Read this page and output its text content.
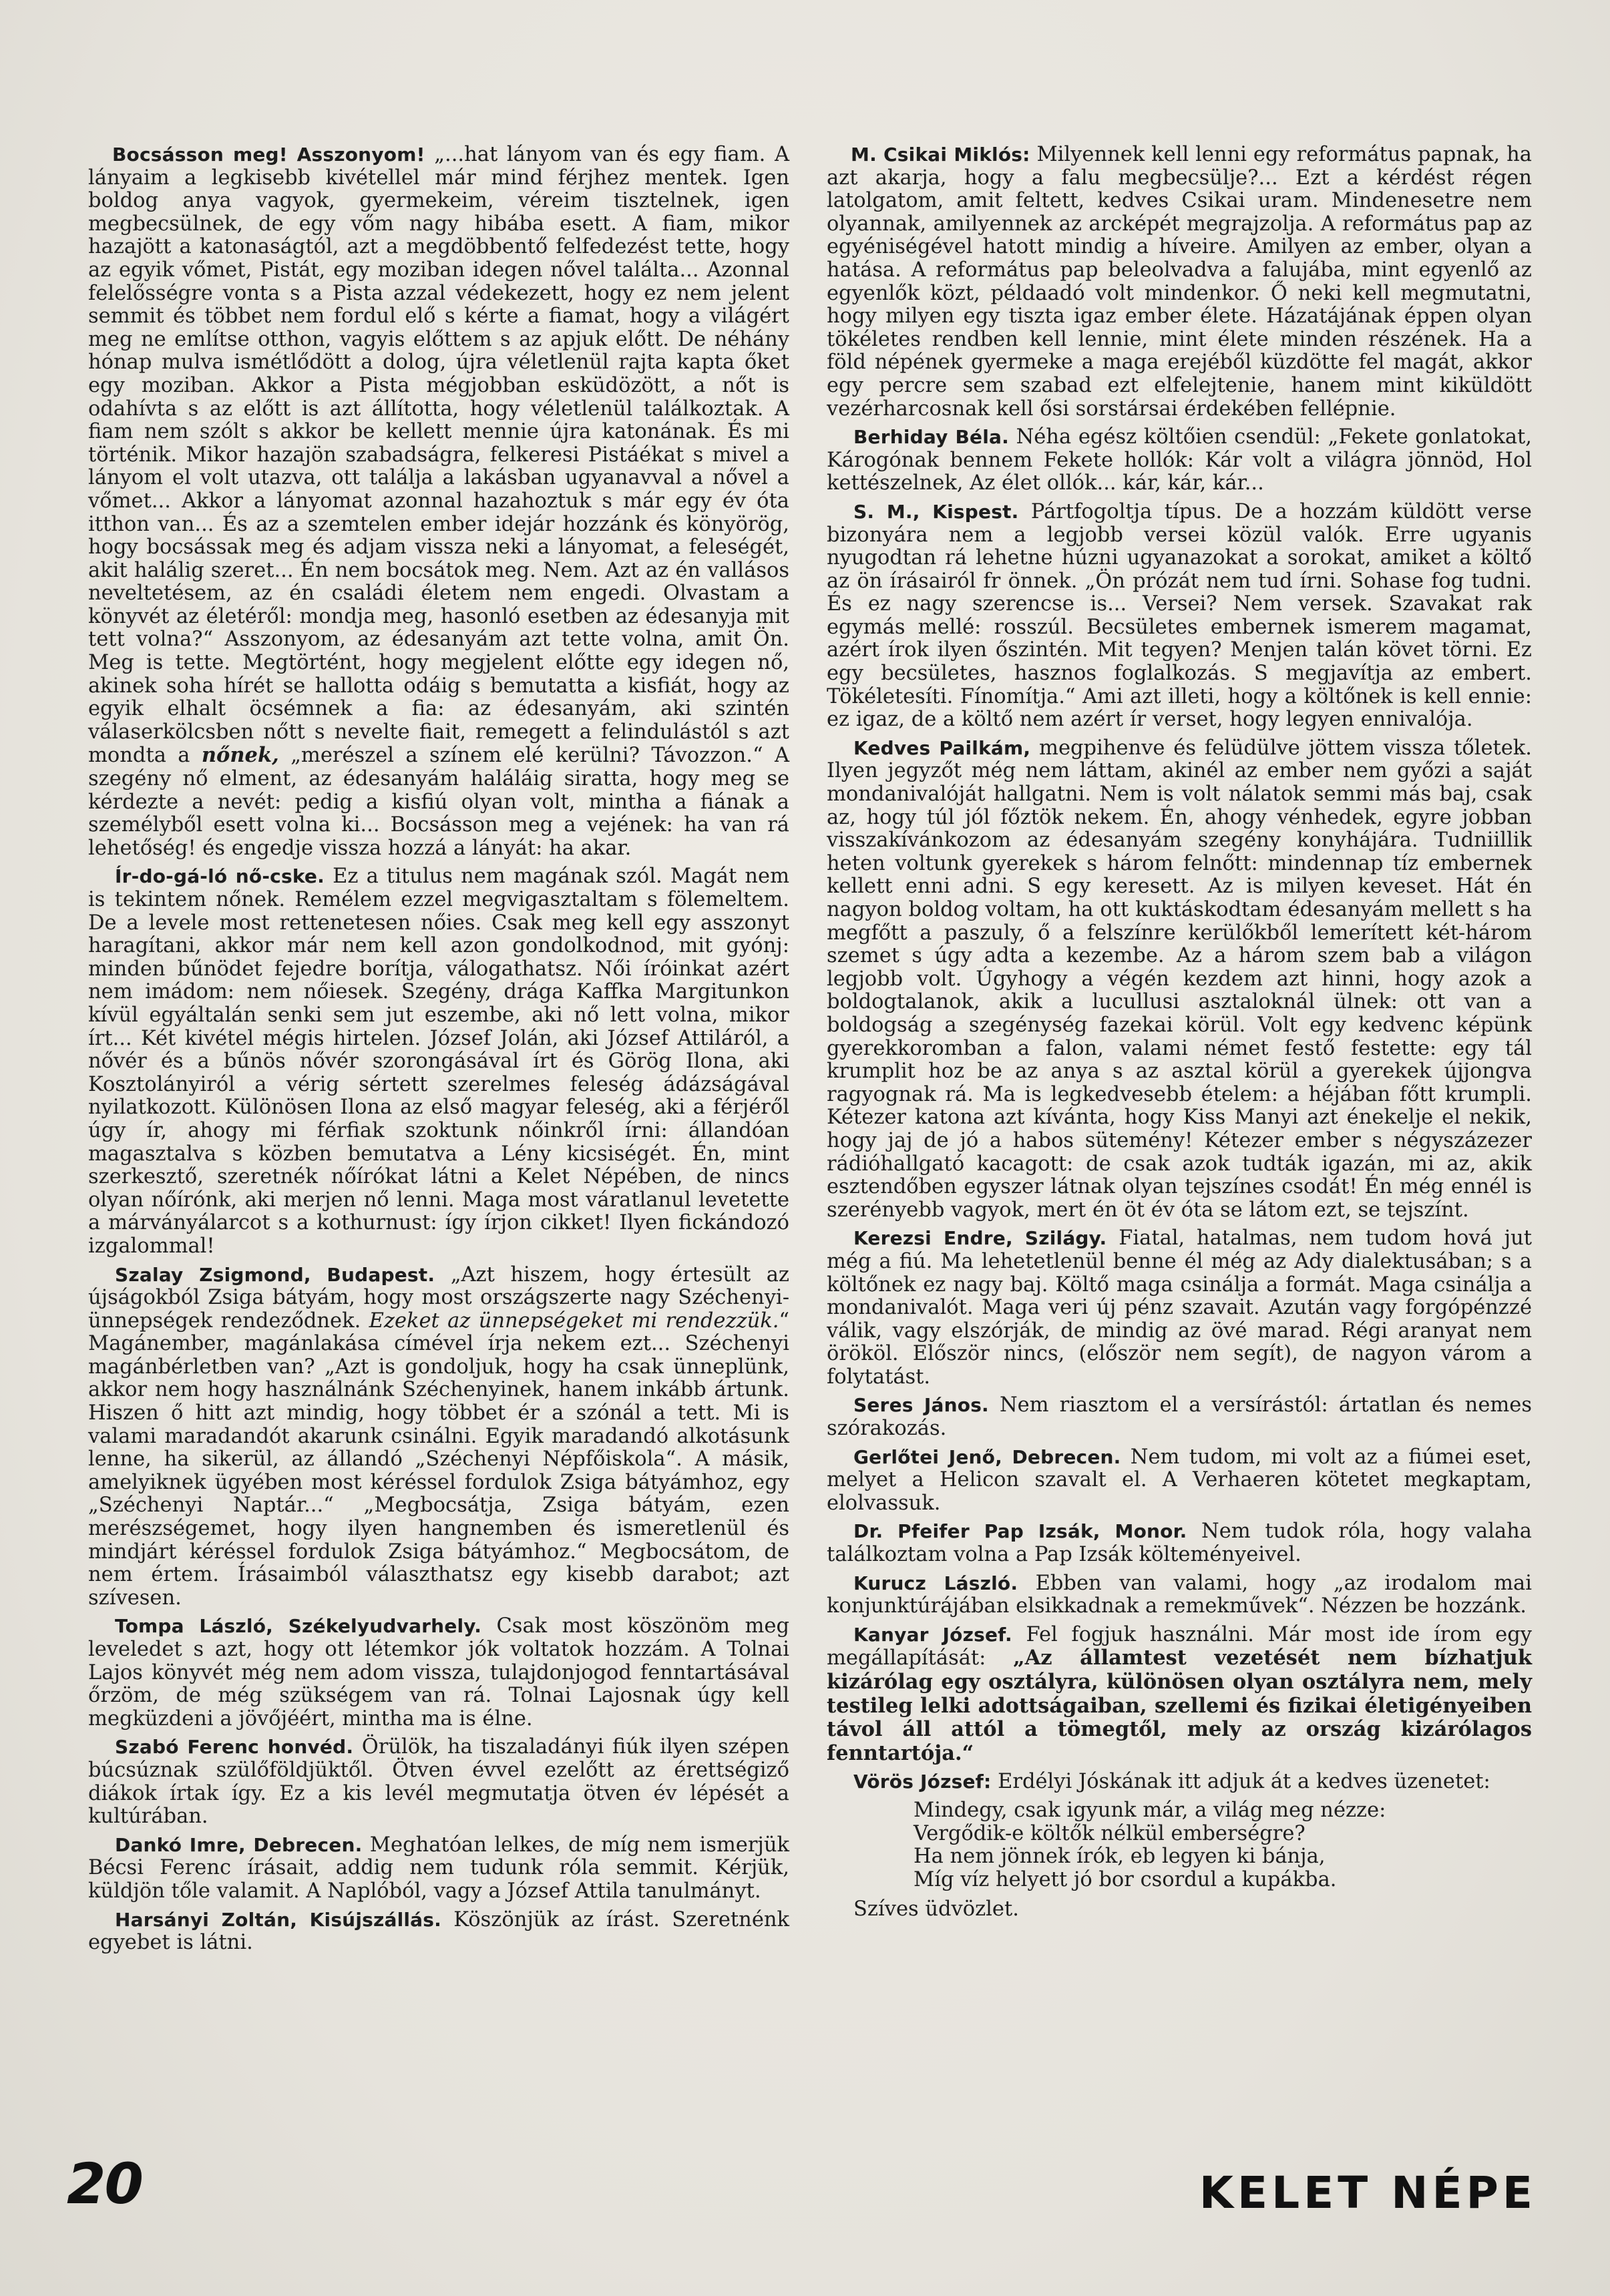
Bocsásson meg! Asszonyom! „...hat lányom van és egy fiam. A lányaim a legkisebb kivétellel már mind férjhez mentek. Igen boldog anya vagyok, gyermekeim, véreim tisztelnek, igen megbecsülnek, de egy vőm nagy hibába esett. A fiam, mikor hazajött a katonaságtól, azt a megdöbbentő felfedezést tette, hogy az egyik vőmet, Pistát, egy moziban idegen nővel találta... Azonnal felelősségre vonta s a Pista azzal védekezett, hogy ez nem jelent semmit és többet nem fordul elő s kérte a fiamat, hogy a világért meg ne említse otthon, vagyis előttem s az apjuk előtt. De néhány hónap mulva ismétlődött a dolog, újra véletlenül rajta kapta őket egy moziban. Akkor a Pista mégjobban esküdözött, a nőt is odahívta s az előtt is azt állította, hogy véletlenül találkoztak. A fiam nem szólt s akkor be kellett mennie újra katonának. És mi történik. Mikor hazajön szabadságra, felkeresi Pistáékat s mivel a lányom el volt utazva, ott találja a lakásban ugyanavval a nővel a vőmet... Akkor a lányomat azonnal hazahoztuk s már egy év óta itthon van... És az a szemtelen ember idejár hozzánk és könyörög, hogy bocsássak meg és adjam vissza neki a lányomat, a feleségét, akit halálig szeret... Én nem bocsátok meg. Nem. Azt az én vallásos neveltetésem, az én családi életem nem engedi. Olvastam a könyvét az életéről: mondja meg, hasonló esetben az édesanyja mit tett volna?“ Asszonyom, az édesanyám azt tette volna, amit Ön. Meg is tette. Megtörtént, hogy megjelent előtte egy idegen nő, akinek soha hírét se hallotta odáig s bemutatta a kisfiát, hogy az egyik elhalt öcsémnek a fia: az édesanyám, aki szintén válaserkölcsben nőtt s nevelte fiait, remegett a felindulástól s azt mondta a nőnek, „merészel a színem elé kerülni? Távozzon.“ A szegény nő elment, az édesanyám haláláig siratta, hogy meg se kérdezte a nevét: pedig a kisfiú olyan volt, mintha a fiának a személyből esett volna ki... Bocsásson meg a vejének: ha van rá lehetőség! és engedje vissza hozzá a lányát: ha akar.

Ír-do-gá-ló nő-cske. Ez a titulus nem magának szól. Magát nem is tekintem nőnek. Remélem ezzel megvigasztaltam s fölemeltem. De a levele most rettenetesen nőies. Csak meg kell egy asszonyt haragítani, akkor már nem kell azon gondolkodnod, mit gyónj: minden bűnödet fejedre borítja, válogathatsz. Női íróinkat azért nem imádom: nem nőiesek. Szegény, drága Kaffka Margitunkon kívül egyáltalán senki sem jut eszembe, aki nő lett volna, mikor írt... Két kivétel mégis hirtelen. József Jolán, aki József Attiláról, a nővér és a bűnös nővér szorongásával írt és Görög Ilona, aki Kosztolányiról a vérig sértett szerelmes feleség ádázságával nyilatkozott. Különösen Ilona az első magyar feleség, aki a férjéről úgy ír, ahogy mi férfiak szoktunk nőinkről írni: állandóan magasztalva s közben bemutatva a Lény kicsiségét. Én, mint szerkesztő, szeretnék nőírókat látni a Kelet Népében, de nincs olyan nőírónk, aki merjen nő lenni. Maga most váratlanul levetette a márványálarcot s a kothurnust: így írjon cikket! Ilyen fickándozó izgalommal!

Szalay Zsigmond, Budapest. „Azt hiszem, hogy értesült az újságokból Zsiga bátyám, hogy most országszerte nagy Széchenyi-ünnepségek rendeződnek. Ezeket az ünnepségeket mi rendezzük.“ Magánember, magánlakása címével írja nekem ezt... Széchenyi magánbérletben van? „Azt is gondoljuk, hogy ha csak ünneplünk, akkor nem hogy használnánk Széchenyinek, hanem inkább ártunk. Hiszen ő hitt azt mindig, hogy többet ér a szónál a tett. Mi is valami maradandót akarunk csinálni. Egyik maradandó alkotásunk lenne, ha sikerül, az állandó „Széchenyi Népfőiskola“. A másik, amelyiknek ügyében most kéréssel fordulok Zsiga bátyámhoz, egy „Széchenyi Naptár...“ „Megbocsátja, Zsiga bátyám, ezen merészségemet, hogy ilyen hangnemben és ismeretlenül és mindjárt kéréssel fordulok Zsiga bátyámhoz.“ Megbocsátom, de nem értem. Írásaimból választhatsz egy kisebb darabot; azt szívesen.

Tompa László, Székelyudvarhely. Csak most köszönöm meg leveledet s azt, hogy ott létemkor jók voltatok hozzám. A Tolnai Lajos könyvét még nem adom vissza, tulajdonjogod fenntartásával őrzöm, de még szükségem van rá. Tolnai Lajosnak úgy kell megküzdeni a jövőjéért, mintha ma is élne.

Szabó Ferenc honvéd. Örülök, ha tiszaladányi fiúk ilyen szépen búcsúznak szülőföldjüktől. Ötven évvel ezelőtt az érettségiző diákok írtak így. Ez a kis levél megmutatja ötven év lépését a kultúrában.

Dankó Imre, Debrecen. Meghatóan lelkes, de míg nem ismerjük Bécsi Ferenc írásait, addig nem tudunk róla semmit. Kérjük, küldjön tőle valamit. A Naplóból, vagy a József Attila tanulmányt.

Harsányi Zoltán, Kisújszállás. Köszönjük az írást. Szeretnénk egyebet is látni.

M. Csikai Miklós: Milyennek kell lenni egy református papnak, ha azt akarja, hogy a falu megbecsülje?... Ezt a kérdést régen latolgatom, amit feltett, kedves Csikai uram. Mindenesetre nem olyannak, amilyennek az arcképét megrajzolja. A református pap az egyéniségével hatott mindig a híveire. Amilyen az ember, olyan a hatása. A református pap beleolvadva a falujába, mint egyenlő az egyenlők közt, példaadó volt mindenkor. Ő neki kell megmutatni, hogy milyen egy tiszta igaz ember élete. Házatájának éppen olyan tökéletes rendben kell lennie, mint élete minden részének. Ha a föld népének gyermeke a maga erejéből küzdötte fel magát, akkor egy percre sem szabad ezt elfelejtenie, hanem mint kiküldött vezérharcosnak kell ősi sorstársai érdekében fellépnie.

Berhiday Béla. Néha egész költőien csendül: „Fekete gonlatokat, Károgónak bennem Fekete hollók: Kár volt a világra jönnöd, Hol kettészelnek, Az élet ollók... kár, kár, kár...

S. M., Kispest. Pártfogoltja típus. De a hozzám küldött verse bizonyára nem a legjobb versei közül valók. Erre ugyanis nyugodtan rá lehetne húzni ugyanazokat a sorokat, amiket a költő az ön írásairól fr önnek. „Ön prózát nem tud írni. Sohase fog tudni. És ez nagy szerencse is... Versei? Nem versek. Szavakat rak egymás mellé: rosszúl. Becsületes embernek ismerem magamat, azért írok ilyen őszintén. Mit tegyen? Menjen talán követ törni. Ez egy becsületes, hasznos foglalkozás. S megjavítja az embert. Tökéletesíti. Fínomítja.“ Ami azt illeti, hogy a költőnek is kell ennie: ez igaz, de a költő nem azért ír verset, hogy legyen ennivalója.

Kedves Pailkám, megpihenve és felüdülve jöttem vissza tőletek. Ilyen jegyzőt még nem láttam, akinél az ember nem győzi a saját mondanivalóját hallgatni. Nem is volt nálatok semmi más baj, csak az, hogy túl jól főztök nekem. Én, ahogy vénhedek, egyre jobban visszakívánkozom az édesanyám szegény konyhájára. Tudniillik heten voltunk gyerekek s három felnőtt: mindennap tíz embernek kellett enni adni. S egy keresett. Az is milyen keveset. Hát én nagyon boldog voltam, ha ott kuktáskodtam édesanyám mellett s ha megfőtt a paszuly, ő a felszínre kerülőkből lemerített két-három szemet s úgy adta a kezembe. Az a három szem bab a világon legjobb volt. Úgyhogy a végén kezdem azt hinni, hogy azok a boldogtalanok, akik a lucullusi asztaloknál ülnek: ott van a boldogság a szegénység fazekai körül. Volt egy kedvenc képünk gyerekkoromban a falon, valami német festő festette: egy tál krumplit hoz be az anya s az asztal körül a gyerekek újjongva ragyognak rá. Ma is legkedvesebb ételem: a héjában főtt krumpli. Kétezer katona azt kívánta, hogy Kiss Manyi azt énekelje el nekik, hogy jaj de jó a habos sütemény! Kétezer ember s négyszázezer rádióhallgató kacagott: de csak azok tudták igazán, mi az, akik esztendőben egyszer látnak olyan tejszínes csodát! Én még ennél is szerényebb vagyok, mert én öt év óta se látom ezt, se tejszínt.

Kerezsi Endre, Szilágy. Fiatal, hatalmas, nem tudom hová jut még a fiú. Ma lehetetlenül benne él még az Ady dialektusában; s a költőnek ez nagy baj. Költő maga csinálja a formát. Maga csinálja a mondanivalót. Maga veri új pénz szavait. Azután vagy forgópénzzé válik, vagy elszórják, de mindig az övé marad. Régi aranyat nem örököl. Először nincs, (először nem segít), de nagyon várom a folytatást.

Seres János. Nem riasztom el a versírástól: ártatlan és nemes szórakozás.

Gerlőtei Jenő, Debrecen. Nem tudom, mi volt az a fiúmei eset, melyet a Helicon szavalt el. A Verhaeren kötetet megkaptam, elolvassuk.

Dr. Pfeifer Pap Izsák, Monor. Nem tudok róla, hogy valaha találkoztam volna a Pap Izsák költeményeivel.

Kurucz László. Ebben van valami, hogy „az irodalom mai konjunktúrájában elsikkadnak a remekművek“. Nézzen be hozzánk.

Kanyar József. Fel fogjuk használni. Már most ide írom egy megállapítását: „Az államtest vezetését nem bízhatjuk kizárólag egy osztályra, különösen olyan osztályra nem, mely testileg lelki adottságaiban, szellemi és fizikai életigényeiben távol áll attól a tömegtől, mely az ország kizárólagos fenntartója.“

Vörös József: Erdélyi Jóskának itt adjuk át a kedves üzenetet:

Mindegy, csak igyunk már, a világ meg nézze:
Vergődik-e költők nélkül emberségre?
Ha nem jönnek írók, eb legyen ki bánja,
Míg víz helyett jó bor csordul a kupákba.

Szíves üdvözlet.

20	KELET NÉPE
